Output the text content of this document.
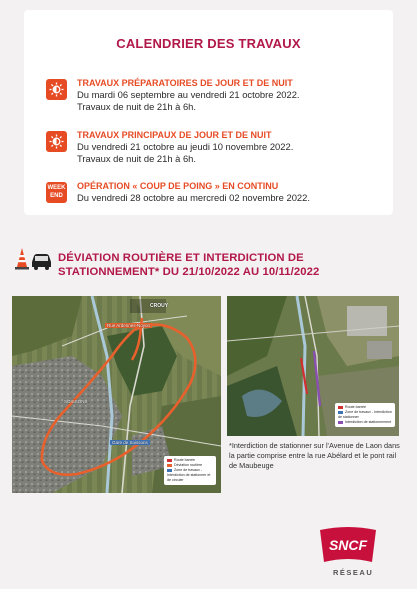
CALENDRIER DES TRAVAUX
TRAVAUX PRÉPARATOIRES DE JOUR ET DE NUIT
Du mardi 06 septembre au vendredi 21 octobre 2022.
Travaux de nuit de 21h à 6h.
TRAVAUX PRINCIPAUX DE JOUR ET DE NUIT
Du vendredi 21 octobre au jeudi 10 novembre 2022.
Travaux de nuit de 21h à 6h.
WEEK
END
OPÉRATION « COUP DE POING » EN CONTINU
Du vendredi 28 octobre au mercredi 02 novembre 2022.
DÉVIATION ROUTIÈRE ET INTERDICTION DE
STATIONNEMENT* DU 21/10/2022 AU 10/11/2022
CROUY
SOISSONS
Rue Ardennes-Noyon
Gare de Soissons
Route barrée
Déviation routière
Zone de travaux - Interdiction de stationner et de circuler
Route barrée
Zone de travaux - Interdiction de stationner
Interdiction de stationnement
*Interdiction de stationner sur l'Avenue de Laon dans la partie comprise entre la rue Abélard et le pont rail de Maubeuge
SNCF
RÉSEAU
